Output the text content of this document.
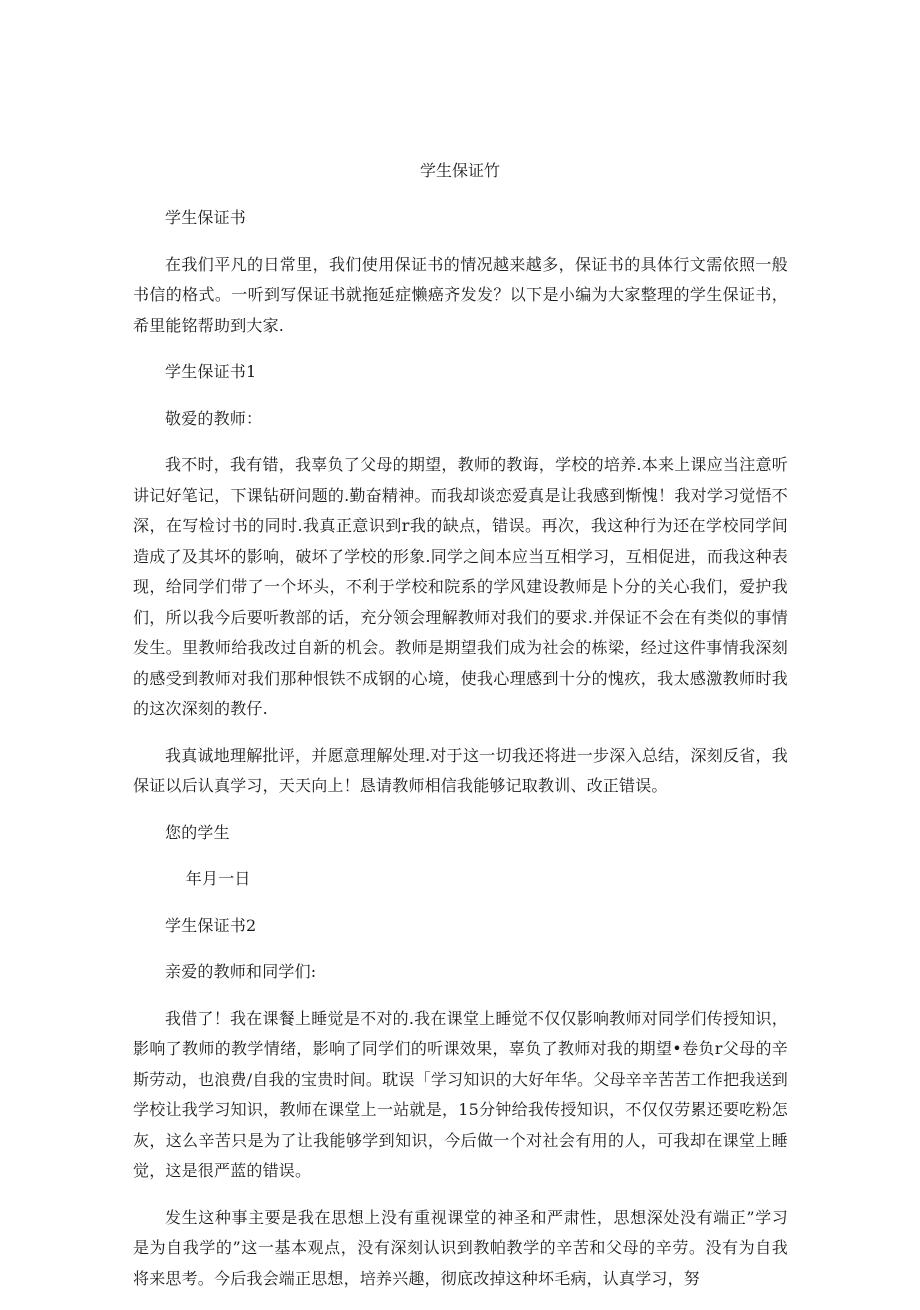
学生保证竹

学生保证书

在我们平凡的日常里，我们使用保证书的情况越来越多，保证书的具体行文需依照一般书信的格式。一听到写保证书就拖延症懒癌齐发发？以下是小编为大家整理的学生保证书，希里能铭帮助到大家.

学生保证书1

敬爱的教师：

我不时，我有错，我辜负了父母的期望，教师的教诲，学校的培养.本来上课应当注意听讲记好笔记，下课钻研问题的.勤奋精神。而我却谈恋爱真是让我感到惭愧！我对学习觉悟不深，在写检讨书的同时.我真正意识到r我的缺点，错误。再次，我这种行为还在学校同学间造成了及其坏的影响，破坏了学校的形象.同学之间本应当互相学习，互相促进，而我这种表现，给同学们带了一个坏头，不利于学校和院系的学风建设教师是卜分的关心我们，爱护我们，所以我今后要听教部的话，充分领会理解教师对我们的要求.并保证不会在有类似的事情发生。里教师给我改过自新的机会。教师是期望我们成为社会的栋梁，经过这件事情我深刻的感受到教师对我们那种恨铁不成钢的心境，使我心理感到十分的愧疚，我太感激教师时我的这次深刻的教仔.

我真诚地理解批评，并愿意理解处理.对于这一切我还将进一步深入总结，深刻反省，我保证以后认真学习，天天向上！恳请教师相信我能够记取教训、改正错误。

您的学生

年月一日

学生保证书2

亲爱的教师和同学们:

我借了！我在课餐上睡觉是不对的.我在课堂上睡觉不仅仅影响教师对同学们传授知识，影响了教师的教学情绪，影响了同学们的听课效果，辜负了教师对我的期望•卷负r父母的辛斯劳动，也浪费/自我的宝贵时间。耽误「学习知识的大好年华。父母辛辛苦苦工作把我送到学校让我学习知识，教师在课堂上一站就是，15分钟给我传授知识，不仅仅劳累还要吃粉怎灰，这么辛苦只是为了让我能够学到知识，今后做一个对社会有用的人，可我却在课堂上睡觉，这是很严蓝的错误。

发生这种事主要是我在思想上没有重视课堂的神圣和严肃性，思想深处没有端正”学习是为自我学的”这一基本观点，没有深刻认识到教帕教学的辛苦和父母的辛劳。没有为自我将来思考。今后我会端正思想，培养兴趣，彻底改掉这种坏毛病，认真学习，努
